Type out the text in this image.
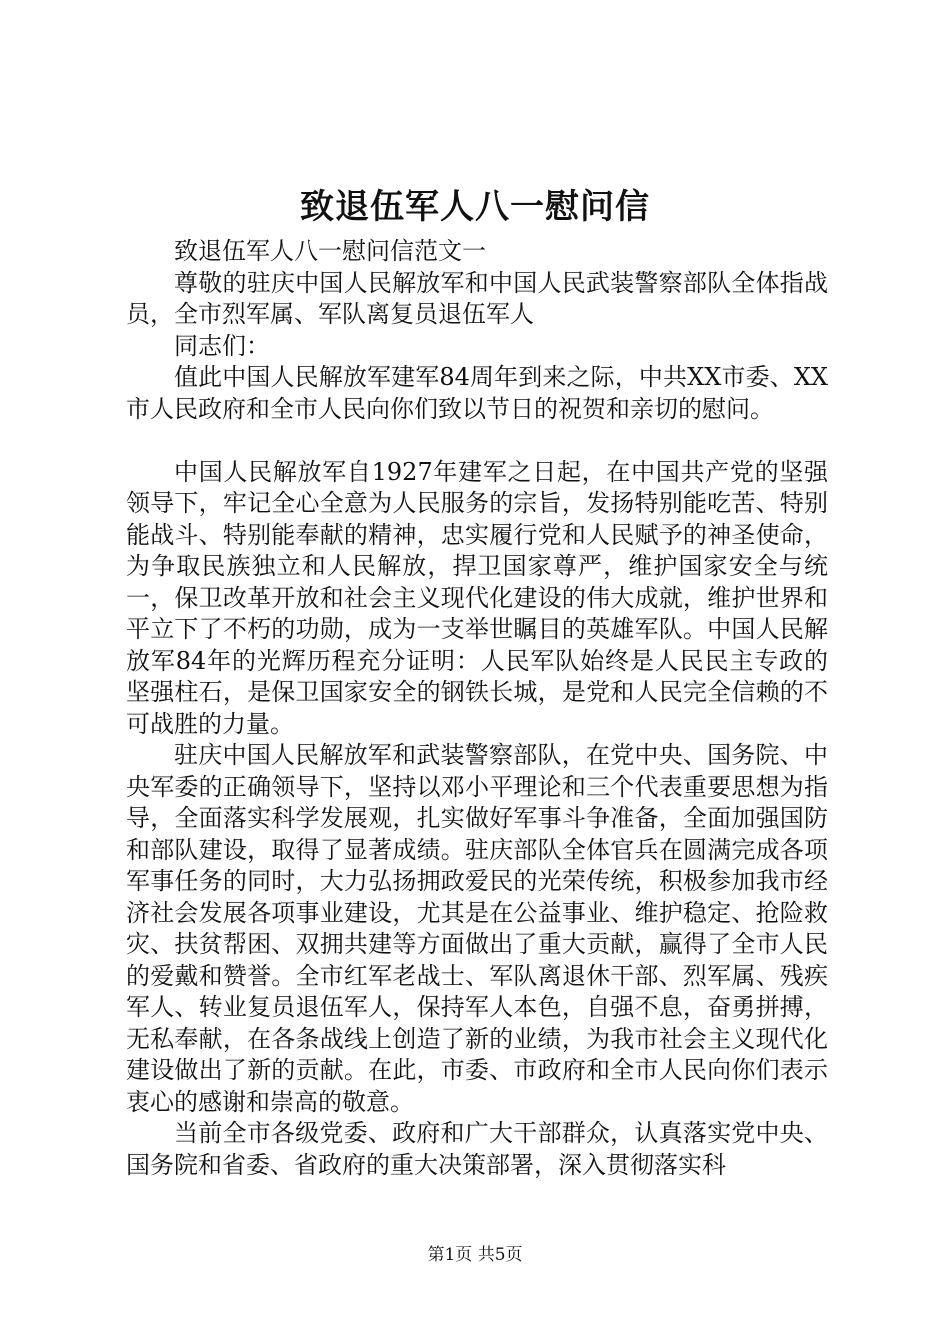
致退伍军人八一慰问信

致退伍军人八一慰问信范文一

尊敬的驻庆中国人民解放军和中国人民武装警察部队全体指战员，全市烈军属、军队离复员退伍军人

同志们：

值此中国人民解放军建军84周年到来之际，中共XX市委、XX市人民政府和全市人民向你们致以节日的祝贺和亲切的慰问。

中国人民解放军自1927年建军之日起，在中国共产党的坚强领导下，牢记全心全意为人民服务的宗旨，发扬特别能吃苦、特别能战斗、特别能奉献的精神，忠实履行党和人民赋予的神圣使命，为争取民族独立和人民解放，捍卫国家尊严，维护国家安全与统一，保卫改革开放和社会主义现代化建设的伟大成就，维护世界和平立下了不朽的功勋，成为一支举世瞩目的英雄军队。中国人民解放军84年的光辉历程充分证明：人民军队始终是人民民主专政的坚强柱石，是保卫国家安全的钢铁长城，是党和人民完全信赖的不可战胜的力量。

驻庆中国人民解放军和武装警察部队，在党中央、国务院、中央军委的正确领导下，坚持以邓小平理论和三个代表重要思想为指导，全面落实科学发展观，扎实做好军事斗争准备，全面加强国防和部队建设，取得了显著成绩。驻庆部队全体官兵在圆满完成各项军事任务的同时，大力弘扬拥政爱民的光荣传统，积极参加我市经济社会发展各项事业建设，尤其是在公益事业、维护稳定、抢险救灾、扶贫帮困、双拥共建等方面做出了重大贡献，赢得了全市人民的爱戴和赞誉。全市红军老战士、军队离退休干部、烈军属、残疾军人、转业复员退伍军人，保持军人本色，自强不息，奋勇拼搏，无私奉献，在各条战线上创造了新的业绩，为我市社会主义现代化建设做出了新的贡献。在此，市委、市政府和全市人民向你们表示衷心的感谢和崇高的敬意。

当前全市各级党委、政府和广大干部群众，认真落实党中央、国务院和省委、省政府的重大决策部署，深入贯彻落实科

第1页 共5页
